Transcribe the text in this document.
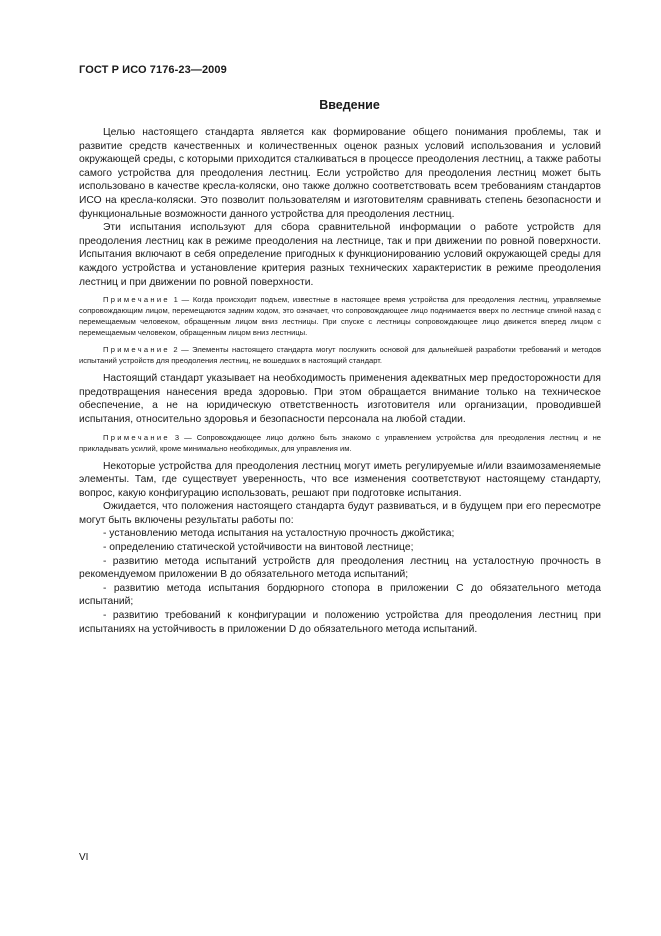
ГОСТ Р ИСО 7176-23—2009
Введение

Целью настоящего стандарта является как формирование общего понимания проблемы, так и развитие средств качественных и количественных оценок разных условий использования и условий окружающей среды, с которыми приходится сталкиваться в процессе преодоления лестниц, а также работы самого устройства для преодоления лестниц. Если устройство для преодоления лестниц может быть использовано в качестве кресла-коляски, оно также должно соответствовать всем требованиям стандартов ИСО на кресла-коляски. Это позволит пользователям и изготовителям сравнивать степень безопасности и функциональные возможности данного устройства для преодоления лестниц.

Эти испытания используют для сбора сравнительной информации о работе устройств для преодоления лестниц как в режиме преодоления на лестнице, так и при движении по ровной поверхности. Испытания включают в себя определение пригодных к функционированию условий окружающей среды для каждого устройства и установление критерия разных технических характеристик в режиме преодоления лестниц и при движении по ровной поверхности.

Примечание 1 — Когда происходит подъем, известные в настоящее время устройства для преодоления лестниц, управляемые сопровождающим лицом, перемещаются задним ходом, это означает, что сопровождающее лицо поднимается вверх по лестнице спиной назад с перемещаемым человеком, обращенным лицом вниз лестницы. При спуске с лестницы сопровождающее лицо движется вперед лицом с перемещаемым человеком, обращенным лицом вниз лестницы.

Примечание 2 — Элементы настоящего стандарта могут послужить основой для дальнейшей разработки требований и методов испытаний устройств для преодоления лестниц, не вошедших в настоящий стандарт.

Настоящий стандарт указывает на необходимость применения адекватных мер предосторожности для предотвращения нанесения вреда здоровью. При этом обращается внимание только на техническое обеспечение, а не на юридическую ответственность изготовителя или организации, проводившей испытания, относительно здоровья и безопасности персонала на любой стадии.

Примечание 3 — Сопровождающее лицо должно быть знакомо с управлением устройства для преодоления лестниц и не прикладывать усилий, кроме минимально необходимых, для управления им.

Некоторые устройства для преодоления лестниц могут иметь регулируемые и/или взаимозаменяемые элементы. Там, где существует уверенность, что все изменения соответствуют настоящему стандарту, вопрос, какую конфигурацию использовать, решают при подготовке испытания.

Ожидается, что положения настоящего стандарта будут развиваться, и в будущем при его пересмотре могут быть включены результаты работы по:

- установлению метода испытания на усталостную прочность джойстика;

- определению статической устойчивости на винтовой лестнице;

- развитию метода испытаний устройств для преодоления лестниц на усталостную прочность в рекомендуемом приложении В до обязательного метода испытаний;

- развитию метода испытания бордюрного стопора в приложении С до обязательного метода испытаний;

- развитию требований к конфигурации и положению устройства для преодоления лестниц при испытаниях на устойчивость в приложении D до обязательного метода испытаний.

VI
